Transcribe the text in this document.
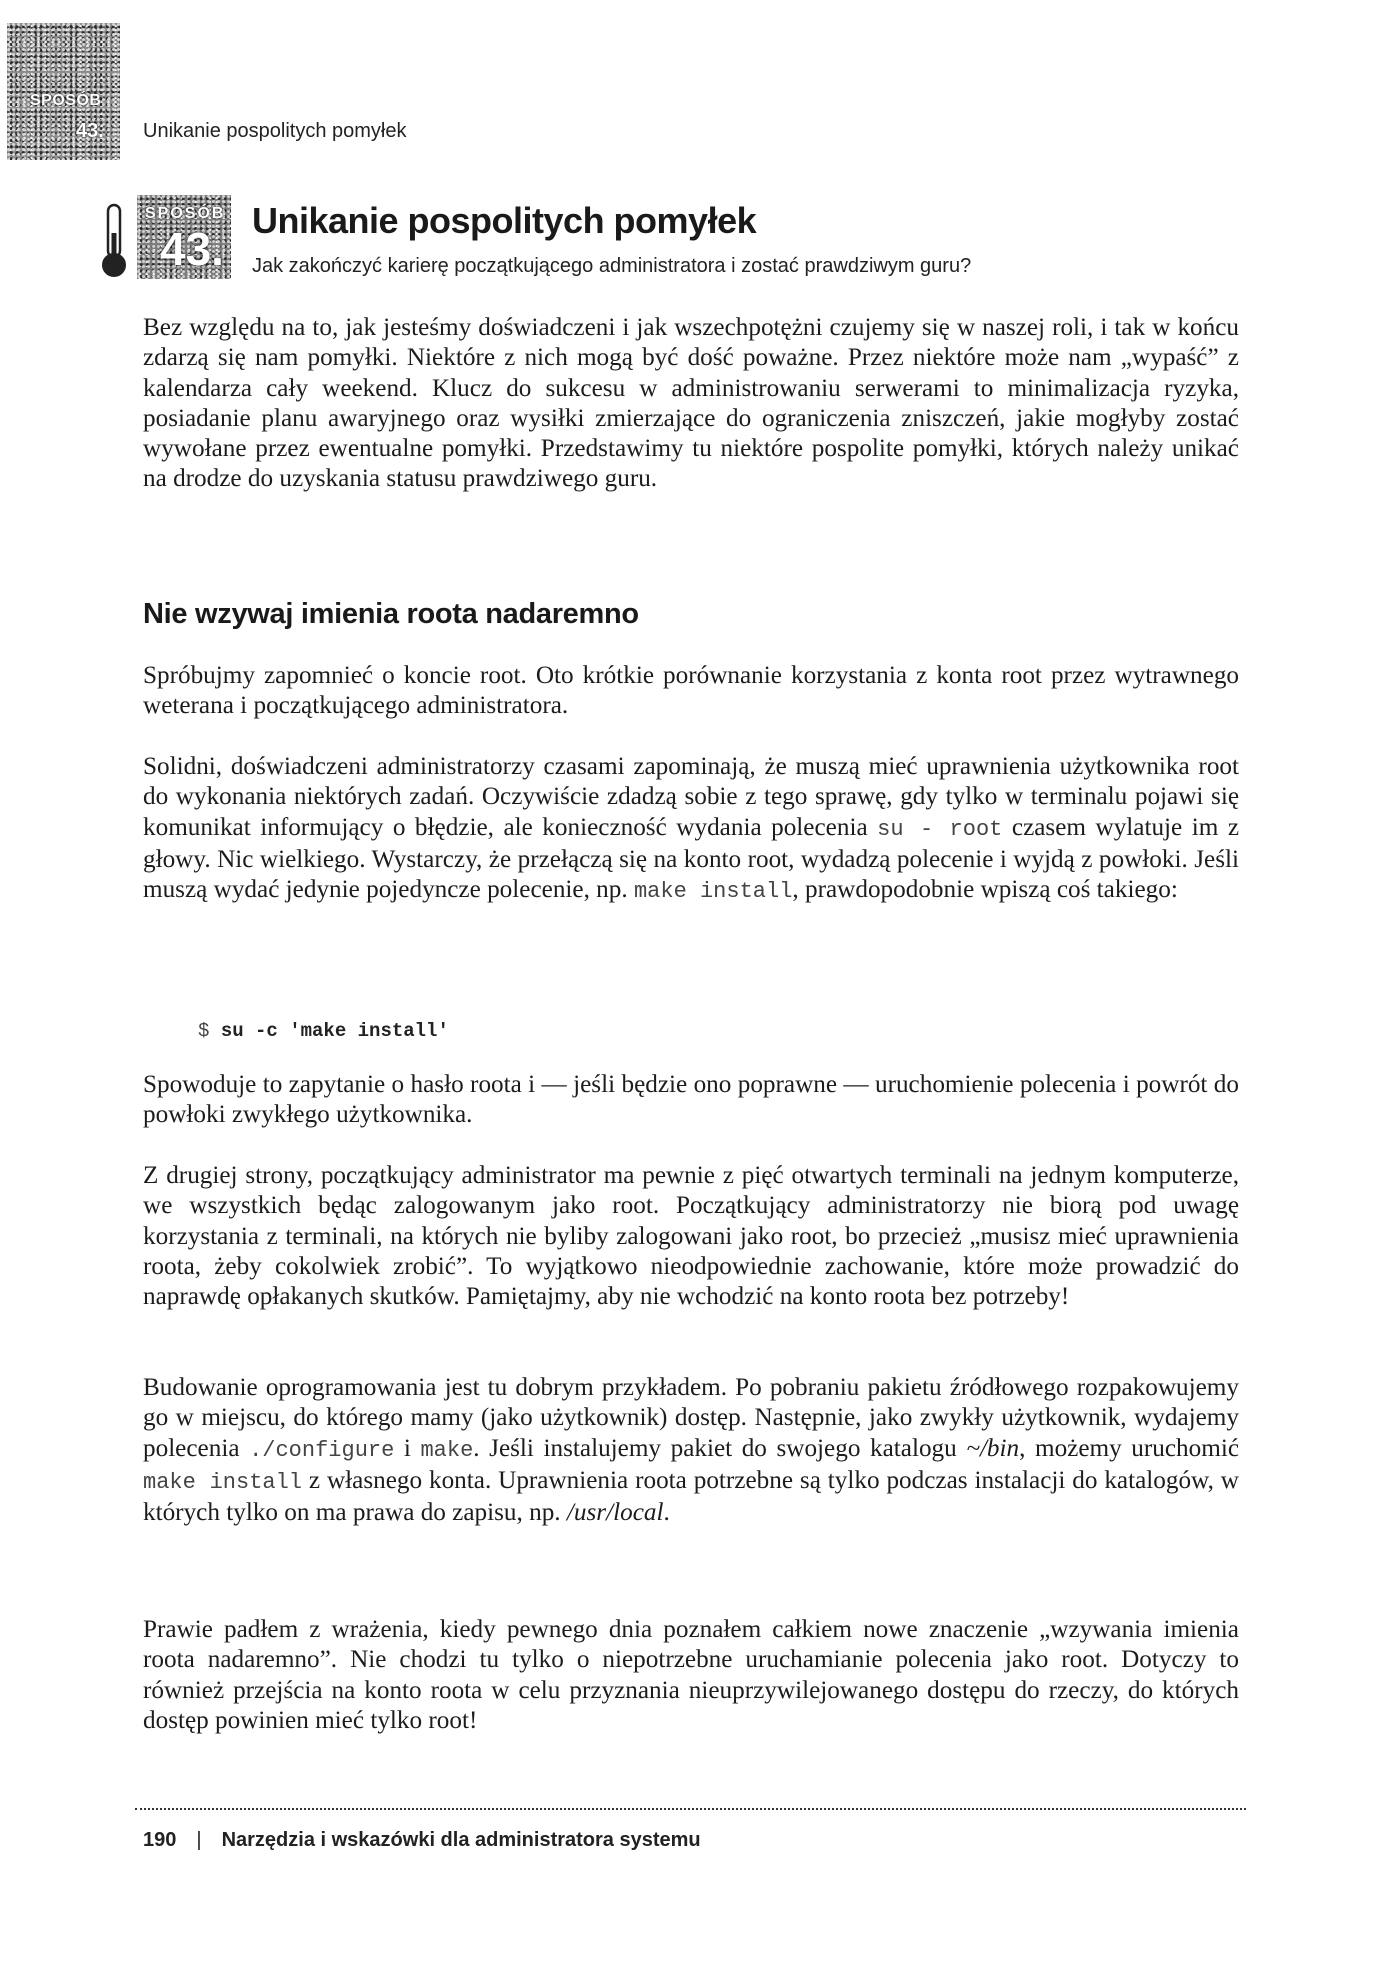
SPOSÓB
43. Unikanie pospolitych pomyłek
SPOSÓB
43.
Unikanie pospolitych pomyłek
Jak zakończyć karierę początkującego administratora i zostać prawdziwym guru?

Bez względu na to, jak jesteśmy doświadczeni i jak wszechpotężni czujemy się w naszej roli, i tak w końcu zdarzą się nam pomyłki. Niektóre z nich mogą być dość poważne. Przez niektóre może nam „wypaść” z kalendarza cały weekend. Klucz do sukcesu w administrowaniu serwerami to minimalizacja ryzyka, posiadanie planu awaryjnego oraz wysiłki zmierzające do ograniczenia zniszczeń, jakie mogłyby zostać wywołane przez ewentualne pomyłki. Przedstawimy tu niektóre pospolite pomyłki, których należy unikać na drodze do uzyskania statusu prawdziwego guru.

Nie wzywaj imienia roota nadaremno

Spróbujmy zapomnieć o koncie root. Oto krótkie porównanie korzystania z konta root przez wytrawnego weterana i początkującego administratora.

Solidni, doświadczeni administratorzy czasami zapominają, że muszą mieć uprawnienia użytkownika root do wykonania niektórych zadań. Oczywiście zdadzą sobie z tego sprawę, gdy tylko w terminalu pojawi się komunikat informujący o błędzie, ale konieczność wydania polecenia su - root czasem wylatuje im z głowy. Nic wielkiego. Wystarczy, że przełączą się na konto root, wydadzą polecenie i wyjdą z powłoki. Jeśli muszą wydać jedynie pojedyncze polecenie, np. make install, prawdopodobnie wpiszą coś takiego:

$ su -c 'make install'

Spowoduje to zapytanie o hasło roota i — jeśli będzie ono poprawne — uruchomienie polecenia i powrót do powłoki zwykłego użytkownika.

Z drugiej strony, początkujący administrator ma pewnie z pięć otwartych terminali na jednym komputerze, we wszystkich będąc zalogowanym jako root. Początkujący administratorzy nie biorą pod uwagę korzystania z terminali, na których nie byliby zalogowani jako root, bo przecież „musisz mieć uprawnienia roota, żeby cokolwiek zrobić”. To wyjątkowo nieodpowiednie zachowanie, które może prowadzić do naprawdę opłakanych skutków. Pamiętajmy, aby nie wchodzić na konto roota bez potrzeby!

Budowanie oprogramowania jest tu dobrym przykładem. Po pobraniu pakietu źródłowego rozpakowujemy go w miejscu, do którego mamy (jako użytkownik) dostęp. Następnie, jako zwykły użytkownik, wydajemy polecenia ./configure i make. Jeśli instalujemy pakiet do swojego katalogu ~/bin, możemy uruchomić make install z własnego konta. Uprawnienia roota potrzebne są tylko podczas instalacji do katalogów, w których tylko on ma prawa do zapisu, np. /usr/local.

Prawie padłem z wrażenia, kiedy pewnego dnia poznałem całkiem nowe znaczenie „wzywania imienia roota nadaremno”. Nie chodzi tu tylko o niepotrzebne uruchamianie polecenia jako root. Dotyczy to również przejścia na konto roota w celu przyznania nieuprzywilejowanego dostępu do rzeczy, do których dostęp powinien mieć tylko root!

190 | Narzędzia i wskazówki dla administratora systemu
